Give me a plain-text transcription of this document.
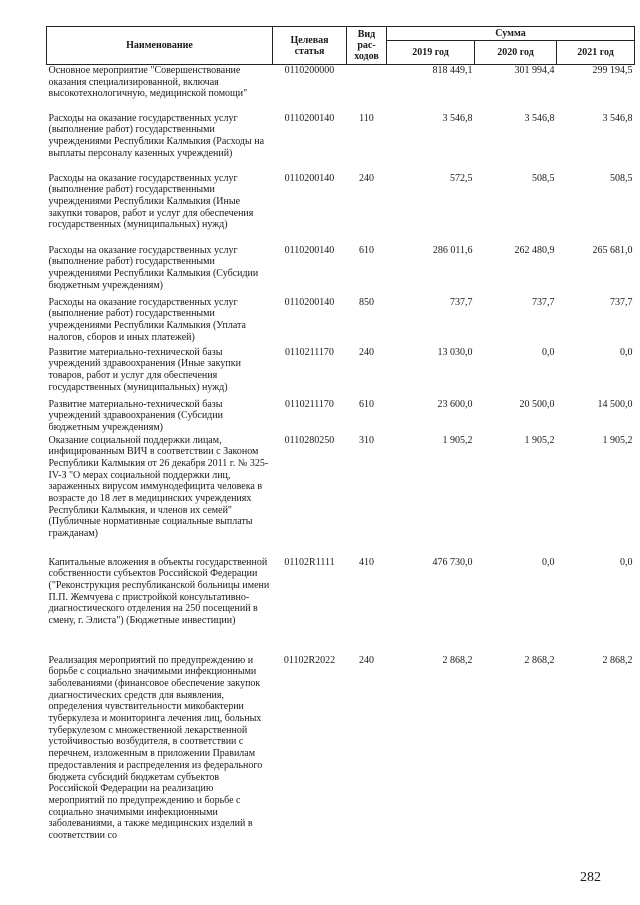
Наименование	Целевая статья	Вид рас-ходов	Сумма		
			2019 год	2020 год	2021 год
Основное мероприятие "Совершенствование оказания специализированной, включая высокотехнологичную, медицинской помощи"	0110200000		818 449,1	301 994,4	299 194,5
Расходы на оказание государственных услуг (выполнение работ) государственными учреждениями Республики Калмыкия (Расходы на выплаты персоналу казенных учреждений)	0110200140	110	3 546,8	3 546,8	3 546,8
Расходы на оказание государственных услуг (выполнение работ) государственными учреждениями Республики Калмыкия (Иные закупки товаров, работ и услуг для обеспечения государственных (муниципальных) нужд)	0110200140	240	572,5	508,5	508,5
Расходы на оказание государственных услуг (выполнение работ) государственными учреждениями Республики Калмыкия (Субсидии бюджетным учреждениям)	0110200140	610	286 011,6	262 480,9	265 681,0
Расходы на оказание государственных услуг (выполнение работ) государственными учреждениями Республики Калмыкия (Уплата налогов, сборов и иных платежей)	0110200140	850	737,7	737,7	737,7
Развитие материально-технической базы учреждений здравоохранения (Иные закупки товаров, работ и услуг для обеспечения государственных (муниципальных) нужд)	0110211170	240	13 030,0	0,0	0,0
Развитие материально-технической базы учреждений здравоохранения (Субсидии бюджетным учреждениям)	0110211170	610	23 600,0	20 500,0	14 500,0
Оказание социальной поддержки лицам, инфицированным ВИЧ в соответствии с Законом Республики Калмыкия от 26 декабря 2011 г. № 325-IV-З "О мерах социальной поддержки лиц, зараженных вирусом иммунодефицита человека в возрасте до 18 лет в медицинских учреждениях Республики Калмыкия, и членов их семей" (Публичные нормативные социальные выплаты гражданам)	0110280250	310	1 905,2	1 905,2	1 905,2
Капитальные вложения в объекты государственной собственности субъектов Российской Федерации ("Реконструкция республиканской больницы имени П.П. Жемчуева с пристройкой консультативно-диагностического отделения на 250 посещений в смену, г. Элиста") (Бюджетные инвестиции)	01102R1111	410	476 730,0	0,0	0,0
Реализация мероприятий по предупреждению и борьбе с социально значимыми инфекционными заболеваниями (финансовое обеспечение закупок диагностических средств для выявления, определения чувствительности микобактерии туберкулеза и мониторинга лечения лиц, больных туберкулезом с множественной лекарственной устойчивостью возбудителя, в соответствии с перечнем, изложенным в приложении Правилам предоставления и распределения из федерального бюджета субсидий бюджетам субъектов Российской Федерации на реализацию мероприятий по предупреждению и борьбе с социально значимыми инфекционными заболеваниями, а также медицинских изделий в соответствии со	01102R2022	240	2 868,2	2 868,2	2 868,2
282
